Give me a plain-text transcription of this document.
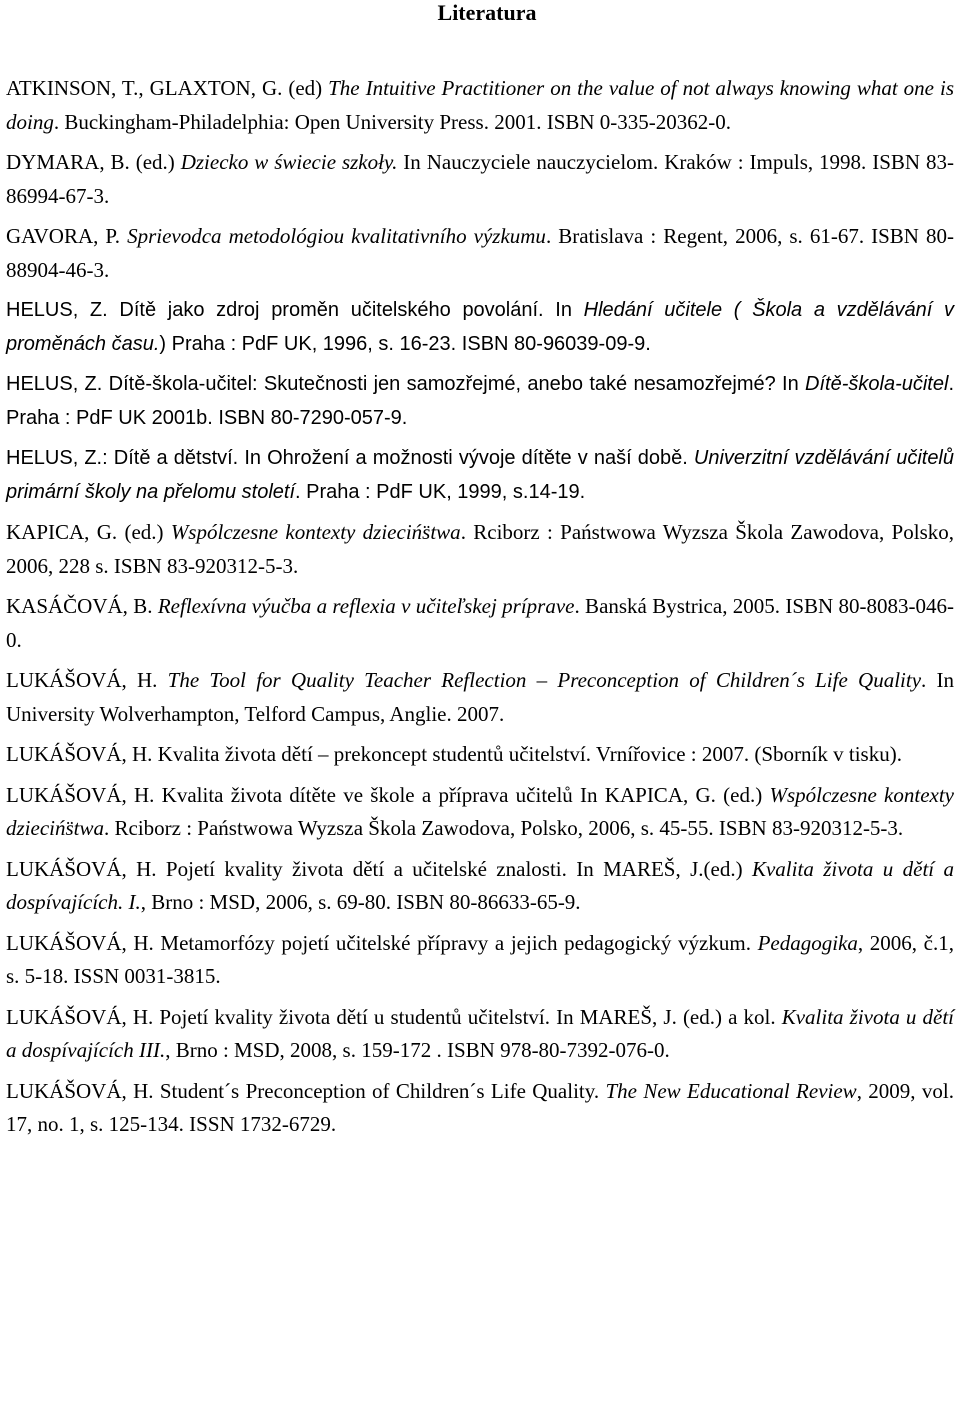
Literatura

ATKINSON, T., GLAXTON, G. (ed) The Intuitive Practitioner on the value of not always knowing what one is doing. Buckingham-Philadelphia: Open University Press. 2001. ISBN 0-335-20362-0.

DYMARA, B. (ed.) Dziecko w świecie szkoły. In Nauczyciele nauczycielom. Kraków : Impuls, 1998. ISBN 83-86994-67-3.

GAVORA, P. Sprievodca metodológiou kvalitativního výzkumu. Bratislava : Regent, 2006, s. 61-67. ISBN 80-88904-46-3.

HELUS, Z. Dítě jako zdroj proměn učitelského povolání. In Hledání učitele ( Škola a vzdělávání v proměnách času.) Praha : PdF UK, 1996, s. 16-23. ISBN 80-96039-09-9.

HELUS, Z. Dítě-škola-učitel: Skutečnosti jen samozřejmé, anebo také nesamozřejmé? In Dítě-škola-učitel. Praha : PdF UK 2001b. ISBN 80-7290-057-9.

HELUS, Z.: Dítě a dětství. In Ohrožení a možnosti vývoje dítěte v naší době. Univerzitní vzdělávání učitelů primární školy na přelomu století. Praha : PdF UK, 1999, s.14-19.

KAPICA, G. (ed.) Wspólczesne kontexty dziecińs̈twa. Rciborz : Państwowa Wyzsza Škola Zawodova, Polsko, 2006, 228 s. ISBN 83-920312-5-3.

KASÁČOVÁ, B. Reflexívna výučba a reflexia v učiteľskej príprave. Banská Bystrica, 2005. ISBN 80-8083-046-0.

LUKÁŠOVÁ, H. The Tool for Quality Teacher Reflection – Preconception of Children´s Life Quality. In University Wolverhampton, Telford Campus, Anglie. 2007.

LUKÁŠOVÁ, H. Kvalita života dětí – prekoncept studentů učitelství. Vrnířovice : 2007. (Sborník v tisku).

LUKÁŠOVÁ, H. Kvalita života dítěte ve škole a příprava učitelů In KAPICA, G. (ed.) Wspólczesne kontexty dziecińs̈twa. Rciborz : Państwowa Wyzsza Škola Zawodova, Polsko, 2006, s. 45-55. ISBN 83-920312-5-3.

LUKÁŠOVÁ, H. Pojetí kvality života dětí a učitelské znalosti. In MAREŠ, J.(ed.) Kvalita života u dětí a dospívajících. I., Brno : MSD, 2006, s. 69-80. ISBN 80-86633-65-9.

LUKÁŠOVÁ, H. Metamorfózy pojetí učitelské přípravy a jejich pedagogický výzkum. Pedagogika, 2006, č.1, s. 5-18. ISSN 0031-3815.

LUKÁŠOVÁ, H. Pojetí kvality života dětí u studentů učitelství. In MAREŠ, J. (ed.) a kol. Kvalita života u dětí a dospívajících III., Brno : MSD, 2008, s. 159-172 . ISBN 978-80-7392-076-0.

LUKÁŠOVÁ, H. Student´s Preconception of Children´s Life Quality. The New Educational Review, 2009, vol. 17, no. 1, s. 125-134. ISSN 1732-6729.
